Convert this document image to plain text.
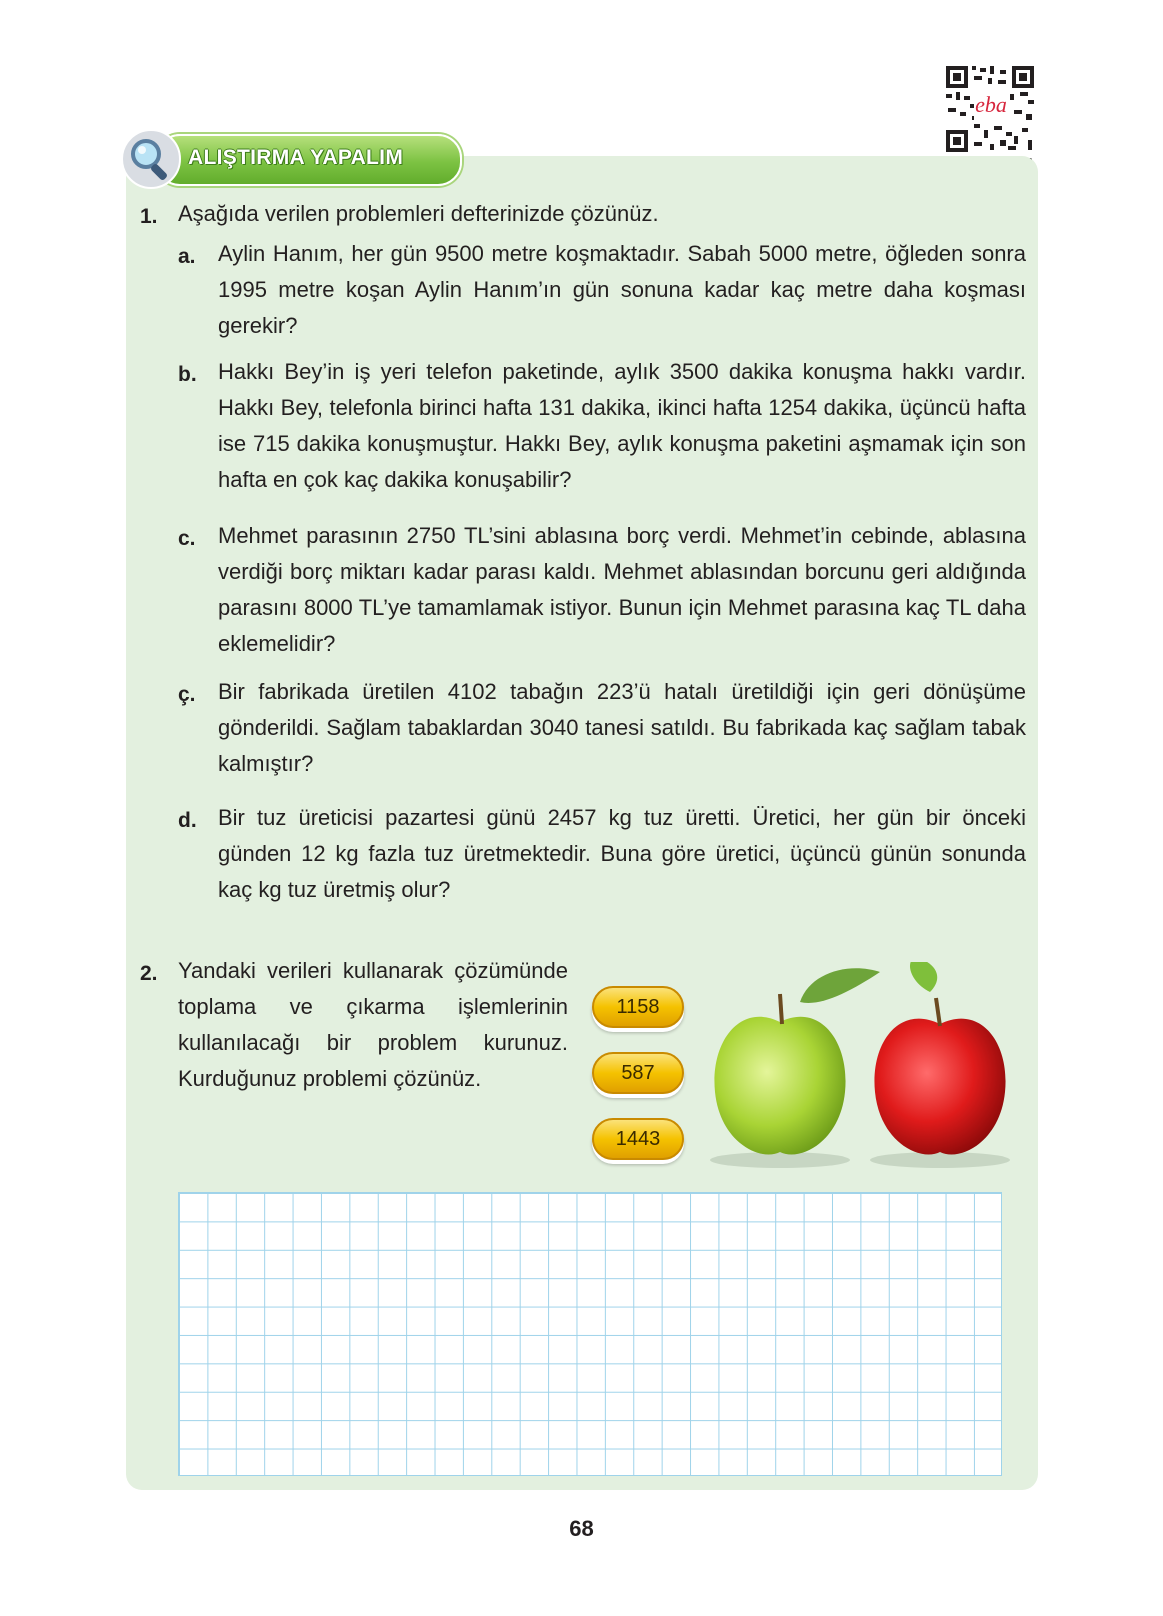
eba
ALIŞTIRMA YAPALIM
1. Aşağıda verilen problemleri defterinizde çözünüz.
a. Aylin Hanım, her gün 9500 metre koşmaktadır. Sabah 5000 metre, öğleden sonra 1995 metre koşan Aylin Hanım’ın gün sonuna kadar kaç metre daha koşması gerekir?
b. Hakkı Bey’in iş yeri telefon paketinde, aylık 3500 dakika konuşma hakkı vardır. Hakkı Bey, telefonla birinci hafta 131 dakika, ikinci hafta 1254 dakika, üçüncü hafta ise 715 dakika konuşmuştur. Hakkı Bey, aylık konuşma paketini aşmamak için son hafta en çok kaç dakika konuşabilir?
c. Mehmet parasının 2750 TL’sini ablasına borç verdi. Mehmet’in cebinde, ablasına verdiği borç miktarı kadar parası kaldı. Mehmet ablasından borcunu geri aldığında parasını 8000 TL’ye tamamlamak istiyor. Bunun için Mehmet parasına kaç TL daha eklemelidir?
ç. Bir fabrikada üretilen 4102 tabağın 223’ü hatalı üretildiği için geri dönüşüme gönderildi. Sağlam tabaklardan 3040 tanesi satıldı. Bu fabrikada kaç sağlam tabak kalmıştır?
d. Bir tuz üreticisi pazartesi günü 2457 kg tuz üretti. Üretici, her gün bir önceki günden 12 kg fazla tuz üretmektedir. Buna göre üretici, üçüncü günün sonunda kaç kg tuz üretmiş olur?
2. Yandaki verileri kullanarak çözümünde toplama ve çıkarma işlemlerinin kullanılacağı bir problem kurunuz. Kurduğunuz problemi çözünüz.
1158
587
1443
68
